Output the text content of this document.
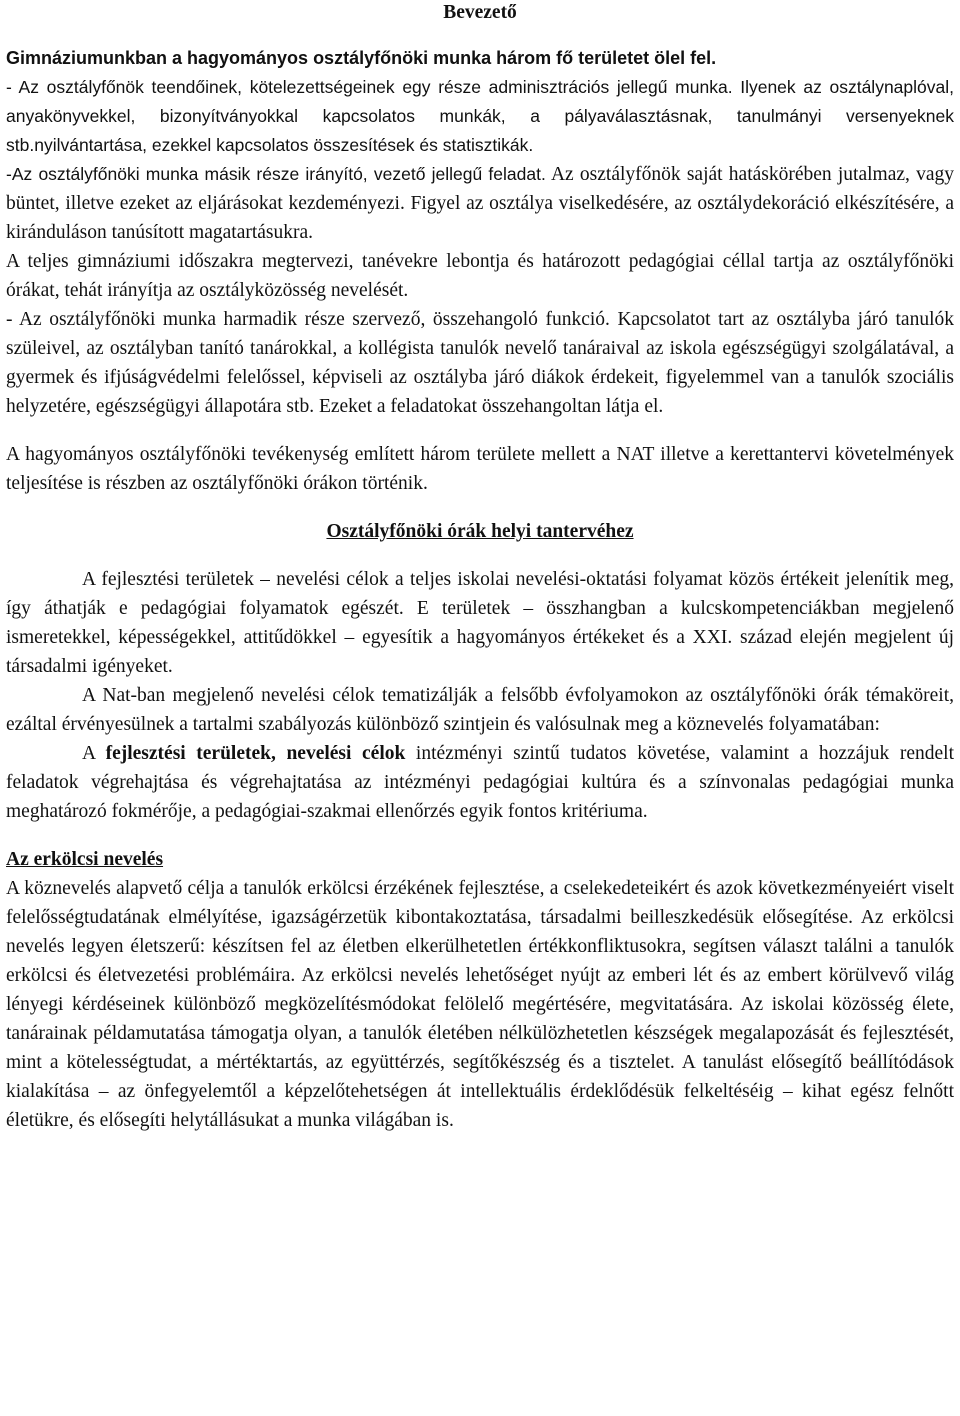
Bevezető

Gimnáziumunkban a hagyományos osztályfőnöki munka három fő területet ölel fel.

- Az osztályfőnök teendőinek, kötelezettségeinek egy része adminisztrációs jellegű munka. Ilyenek az osztálynaplóval, anyakönyvekkel, bizonyítványokkal kapcsolatos munkák, a pályaválasztásnak, tanulmányi versenyeknek stb.nyilvántartása, ezekkel kapcsolatos összesítések és statisztikák.

-Az osztályfőnöki munka másik része irányító, vezető jellegű feladat. Az osztályfőnök saját hatáskörében jutalmaz, vagy büntet, illetve ezeket az eljárásokat kezdeményezi. Figyel az osztálya viselkedésére, az osztálydekoráció elkészítésére, a kiránduláson tanúsított magatartásukra.

A teljes gimnáziumi időszakra megtervezi, tanévekre lebontja és határozott pedagógiai céllal tartja az osztályfőnöki órákat, tehát irányítja az osztályközösség nevelését.

- Az osztályfőnöki munka harmadik része szervező, összehangoló funkció. Kapcsolatot tart az osztályba járó tanulók szüleivel, az osztályban tanító tanárokkal, a kollégista tanulók nevelő tanáraival az iskola egészségügyi szolgálatával, a gyermek és ifjúságvédelmi felelőssel, képviseli az osztályba járó diákok érdekeit, figyelemmel van a tanulók szociális helyzetére, egészségügyi állapotára stb. Ezeket a feladatokat összehangoltan látja el.

A hagyományos osztályfőnöki tevékenység említett három területe mellett a NAT illetve a kerettantervi követelmények teljesítése is részben az osztályfőnöki órákon történik.

Osztályfőnöki órák helyi tantervéhez

A fejlesztési területek – nevelési célok a teljes iskolai nevelési-oktatási folyamat közös értékeit jelenítik meg, így áthatják e pedagógiai folyamatok egészét. E területek – összhangban a kulcskompetenciákban megjelenő ismeretekkel, képességekkel, attitűdökkel – egyesítik a hagyományos értékeket és a XXI. század elején megjelent új társadalmi igényeket.

A Nat-ban megjelenő nevelési célok tematizálják a felsőbb évfolyamokon az osztályfőnöki órák témaköreit, ezáltal érvényesülnek a tartalmi szabályozás különböző szintjein és valósulnak meg a köznevelés folyamatában:

A fejlesztési területek, nevelési célok intézményi szintű tudatos követése, valamint a hozzájuk rendelt feladatok végrehajtása és végrehajtatása az intézményi pedagógiai kultúra és a színvonalas pedagógiai munka meghatározó fokmérője, a pedagógiai-szakmai ellenőrzés egyik fontos kritériuma.

Az erkölcsi nevelés

A köznevelés alapvető célja a tanulók erkölcsi érzékének fejlesztése, a cselekedeteikért és azok következményeiért viselt felelősségtudatának elmélyítése, igazságérzetük kibontakoztatása, társadalmi beilleszkedésük elősegítése. Az erkölcsi nevelés legyen életszerű: készítsen fel az életben elkerülhetetlen értékkonfliktusokra, segítsen választ találni a tanulók erkölcsi és életvezetési problémáira. Az erkölcsi nevelés lehetőséget nyújt az emberi lét és az embert körülvevő világ lényegi kérdéseinek különböző megközelítésmódokat felölelő megértésére, megvitatására. Az iskolai közösség élete, tanárainak példamutatása támogatja olyan, a tanulók életében nélkülözhetetlen készségek megalapozását és fejlesztését, mint a kötelességtudat, a mértéktartás, az együttérzés, segítőkészség és a tisztelet. A tanulást elősegítő beállítódások kialakítása – az önfegyelemtől a képzelőtehetségen át intellektuális érdeklődésük felkeltéséig – kihat egész felnőtt életükre, és elősegíti helytállásukat a munka világában is.
